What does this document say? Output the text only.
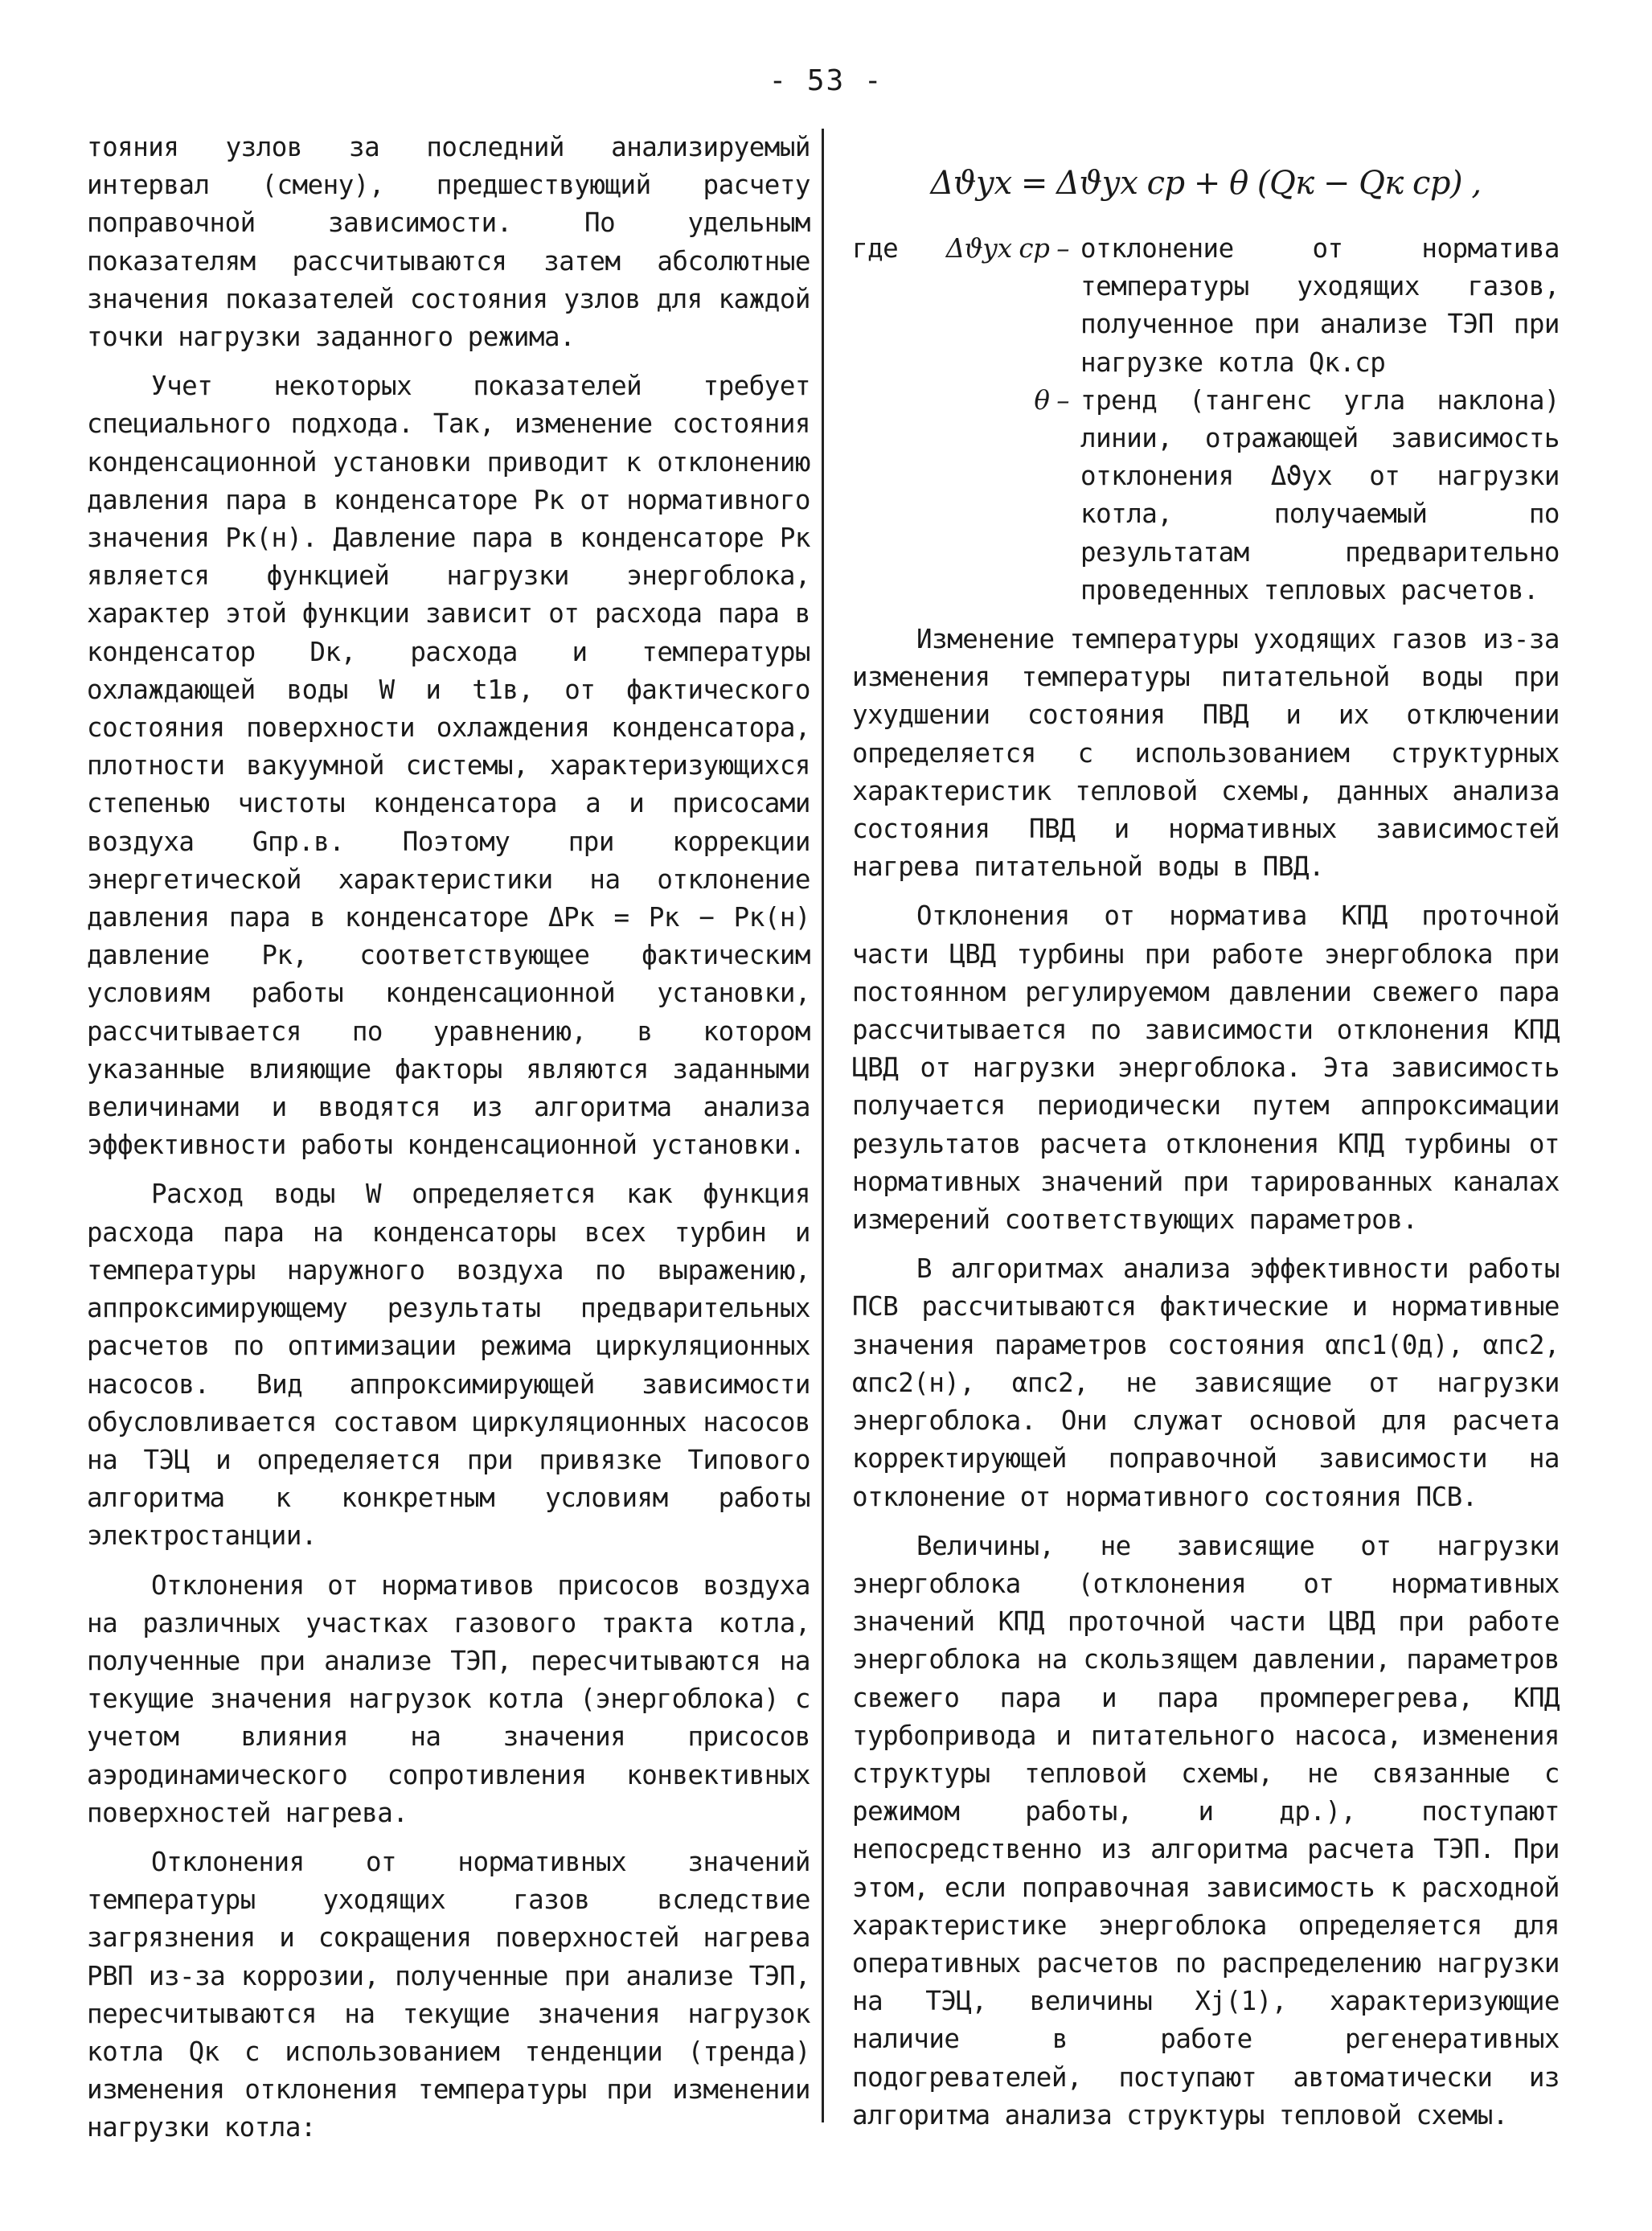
- 53 -

тояния узлов за последний анализируемый интервал (смену), предшествующий расчету поправочной зависимости. По удельным показателям рассчитываются затем абсолютные значения показателей состояния узлов для каждой точки нагрузки заданного режима.

Учет некоторых показателей требует специального подхода. Так, изменение состояния конденсационной установки приводит к отклонению давления пара в конденсаторе Pк от нормативного значения Pк(н). Давление пара в конденсаторе Pк является функцией нагрузки энергоблока, характер этой функции зависит от расхода пара в конденсатор Dк, расхода и температуры охлаждающей воды W и t1в, от фактического состояния поверхности охлаждения конденсатора, плотности вакуумной системы, характеризующихся степенью чистоты конденсатора a и присосами воздуха Gпр.в. Поэтому при коррекции энергетической характеристики на отклонение давления пара в конденсаторе ΔPк = Pк − Pк(н) давление Pк, соответствующее фактическим условиям работы конденсационной установки, рассчитывается по уравнению, в котором указанные влияющие факторы являются заданными величинами и вводятся из алгоритма анализа эффективности работы конденсационной установки.

Расход воды W определяется как функция расхода пара на конденсаторы всех турбин и температуры наружного воздуха по выражению, аппроксимирующему результаты предварительных расчетов по оптимизации режима циркуляционных насосов. Вид аппроксимирующей зависимости обусловливается составом циркуляционных насосов на ТЭЦ и определяется при привязке Типового алгоритма к конкретным условиям работы электростанции.

Отклонения от нормативов присосов воздуха на различных участках газового тракта котла, полученные при анализе ТЭП, пересчитываются на текущие значения нагрузок котла (энергоблока) с учетом влияния на значения присосов аэродинамического сопротивления конвективных поверхностей нагрева.

Отклонения от нормативных значений температуры уходящих газов вследствие загрязнения и сокращения поверхностей нагрева РВП из-за коррозии, полученные при анализе ТЭП, пересчитываются на текущие значения нагрузок котла Qк с использованием тенденции (тренда) изменения отклонения температуры при изменении нагрузки котла:

Δϑух = Δϑух ср + θ (Qк − Qк ср) ,
где	Δϑух ср – отклонение от норматива температуры уходящих газов, полученное при анализе ТЭП при нагрузке котла Qк.ср
θ – тренд (тангенс угла наклона) линии, отражающей зависимость отклонения Δϑух от нагрузки котла, получаемый по результатам предварительно проведенных тепловых расчетов.

Изменение температуры уходящих газов из-за изменения температуры питательной воды при ухудшении состояния ПВД и их отключении определяется с использованием структурных характеристик тепловой схемы, данных анализа состояния ПВД и нормативных зависимостей нагрева питательной воды в ПВД.

Отклонения от норматива КПД проточной части ЦВД турбины при работе энергоблока при постоянном регулируемом давлении свежего пара рассчитывается по зависимости отклонения КПД ЦВД от нагрузки энергоблока. Эта зависимость получается периодически путем аппроксимации результатов расчета отклонения КПД турбины от нормативных значений при тарированных каналах измерений соответствующих параметров.

В алгоритмах анализа эффективности работы ПСВ рассчитываются фактические и нормативные значения параметров состояния αпс1(0д), αпс2, αпс2(н), αпс2, не зависящие от нагрузки энергоблока. Они служат основой для расчета корректирующей поправочной зависимости на отклонение от нормативного состояния ПСВ.

Величины, не зависящие от нагрузки энергоблока (отклонения от нормативных значений КПД проточной части ЦВД при работе энергоблока на скользящем давлении, параметров свежего пара и пара промперегрева, КПД турбопривода и питательного насоса, изменения структуры тепловой схемы, не связанные с режимом работы, и др.), поступают непосредственно из алгоритма расчета ТЭП. При этом, если поправочная зависимость к расходной характеристике энергоблока определяется для оперативных расчетов по распределению нагрузки на ТЭЦ, величины Xj(1), характеризующие наличие в работе регенеративных подогревателей, поступают автоматически из алгоритма анализа структуры тепловой схемы.
